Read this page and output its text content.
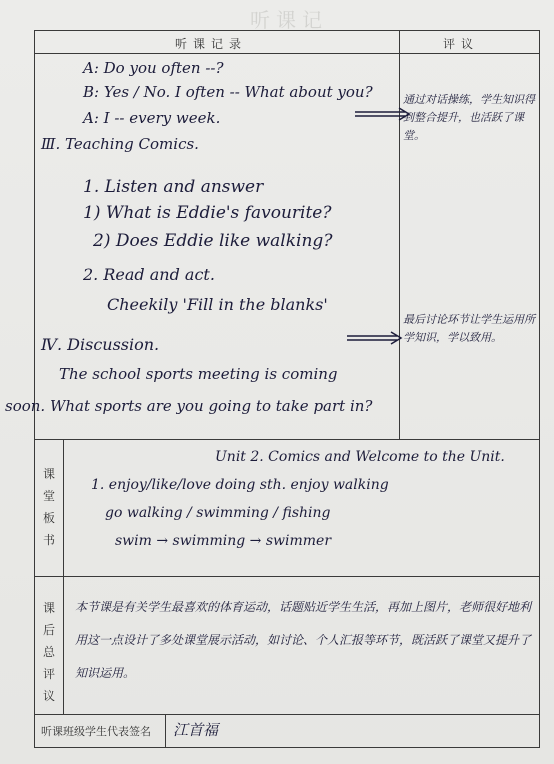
听课记
听课记录	评议
A: Do you often --?
B: Yes / No. I often -- What about you?
A: I -- every week.
Ⅲ. Teaching Comics.
1. Listen and answer
1) What is Eddie's favourite?
2) Does Eddie like walking?
2. Read and act.
Cheekily 'Fill in the blanks'
Ⅳ. Discussion.
The school sports meeting is coming
soon. What sports are you going to take part in?
通过对话操练，学生知识得到整合提升，也活跃了课堂。
最后讨论环节让学生运用所学知识，学以致用。
课
堂
板
书
Unit 2. Comics and Welcome to the Unit.
1. enjoy/like/love doing sth. enjoy walking
go walking / swimming / fishing
swim → swimming → swimmer
课
后
总
评
议
本节课是有关学生最喜欢的体育运动，话题贴近学生生活，再加上图片，老师很好地利用这一点设计了多处课堂展示活动，如讨论、个人汇报等环节，既活跃了课堂又提升了知识运用。
听课班级学生代表签名 江首福
